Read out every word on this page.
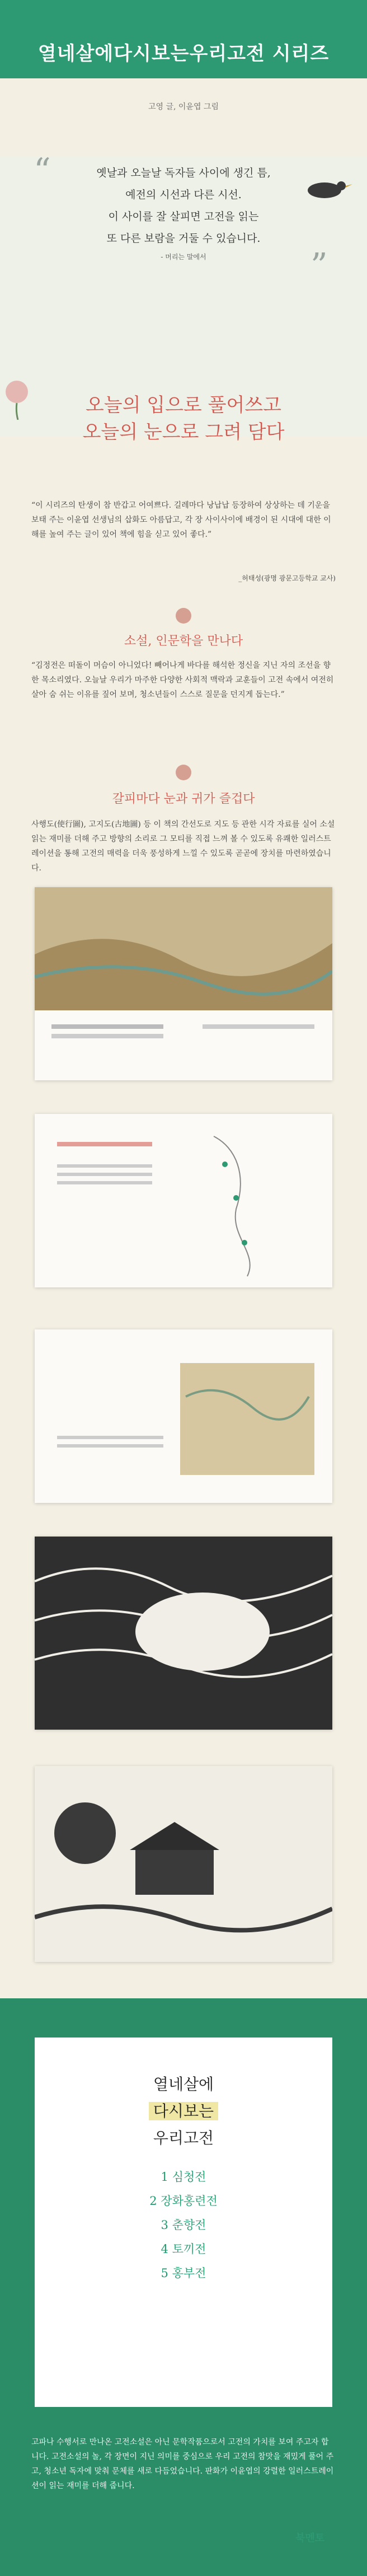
열네살에다시보는우리고전 시리즈
고영 글, 이윤엽 그림
“
”
옛날과 오늘날 독자들 사이에 생긴 틈,
예전의 시선과 다른 시선.
이 사이를 잘 살피면 고전을 읽는
또 다른 보람을 거둘 수 있습니다.
- 머리는 말에서
오늘의 입으로 풀어쓰고
오늘의 눈으로 그려 담다
“이 시리즈의 탄생이 참 반갑고 어여쁘다. 길레마다 낭납납 등장하여 상상하는 데 기운을 보태 주는 이윤엽 선생님의 삽화도 아름답고, 각 장 사이사이에 배경이 된 시대에 대한 이해를 높여 주는 글이 있어 책에 힘을 싣고 있어 좋다.”
_허태성(광명 광문고등학교 교사)
소설, 인문학을 만나다
“김정전은 떠돌이 머슴이 아니었다! 빼어나게 바다를 해석한 정신을 지닌 자의 조선을 향한 목소리였다. 오늘날 우리가 마주한 다양한 사회적 맥락과 교훈들이 고전 속에서 여전히 살아 숨 쉬는 이유를 짚어 보며, 청소년들이 스스로 질문을 던지게 돕는다.”
갈피마다 눈과 귀가 즐겁다
사행도(使行圖), 고지도(古地圖) 등 이 책의 간선도로 지도 등 관한 시각 자료를 실어 소설 읽는 재미를 더해 주고 방향의 소리로 그 모티를 직접 느껴 볼 수 있도록 유쾌한 일러스트레이션을 통해 고전의 매력을 더욱 풍성하게 느낄 수 있도록 곧곧에 장치를 마련하였습니다.
열네살에
다시보는
우리고전
1 심청전
2 장화홍련전
3 춘향전
4 토끼전
5 홍부전
고파나 수행서로 만나온 고전소설은 아닌 문학작품으로서 고전의 가치를 보여 주고자 합니다. 고전소설의 놀, 각 장면이 지닌 의미를 중심으로 우리 고전의 참맛을 재밌게 풀어 주고, 청소년 독자에 맞춰 문체를 새로 다듬었습니다. 판화가 이윤엽의 강렬한 일러스트레이션이 읽는 재미를 더해 줍니다.
북멘토
